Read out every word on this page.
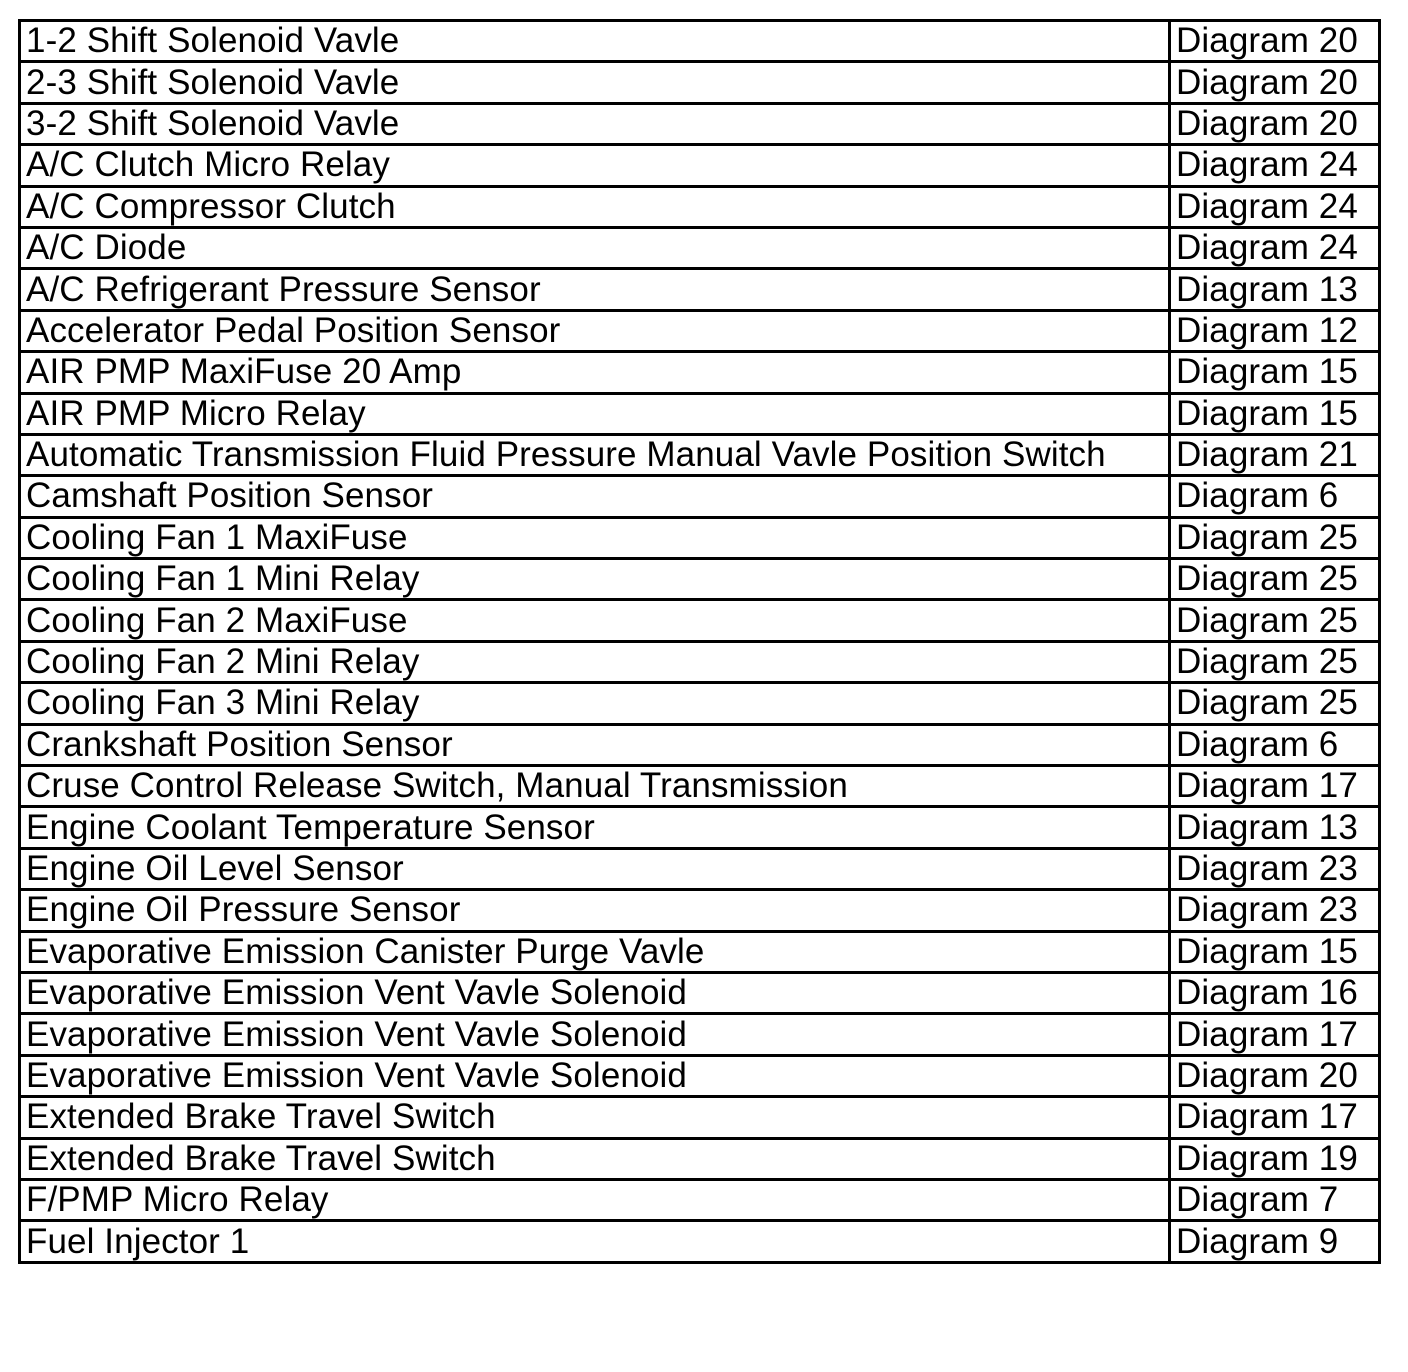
1-2 Shift Solenoid Vavle	Diagram 20
2-3 Shift Solenoid Vavle	Diagram 20
3-2 Shift Solenoid Vavle	Diagram 20
A/C Clutch Micro Relay	Diagram 24
A/C Compressor Clutch	Diagram 24
A/C Diode	Diagram 24
A/C Refrigerant Pressure Sensor	Diagram 13
Accelerator Pedal Position Sensor	Diagram 12
AIR PMP MaxiFuse 20 Amp	Diagram 15
AIR PMP Micro Relay	Diagram 15
Automatic Transmission Fluid Pressure Manual Vavle Position Switch	Diagram 21
Camshaft Position Sensor	Diagram 6
Cooling Fan 1 MaxiFuse	Diagram 25
Cooling Fan 1 Mini Relay	Diagram 25
Cooling Fan 2 MaxiFuse	Diagram 25
Cooling Fan 2 Mini Relay	Diagram 25
Cooling Fan 3 Mini Relay	Diagram 25
Crankshaft Position Sensor	Diagram 6
Cruse Control Release Switch, Manual Transmission	Diagram 17
Engine Coolant Temperature Sensor	Diagram 13
Engine Oil Level Sensor	Diagram 23
Engine Oil Pressure Sensor	Diagram 23
Evaporative Emission Canister Purge Vavle	Diagram 15
Evaporative Emission Vent Vavle Solenoid	Diagram 16
Evaporative Emission Vent Vavle Solenoid	Diagram 17
Evaporative Emission Vent Vavle Solenoid	Diagram 20
Extended Brake Travel Switch	Diagram 17
Extended Brake Travel Switch	Diagram 19
F/PMP Micro Relay	Diagram 7
Fuel Injector 1	Diagram 9
